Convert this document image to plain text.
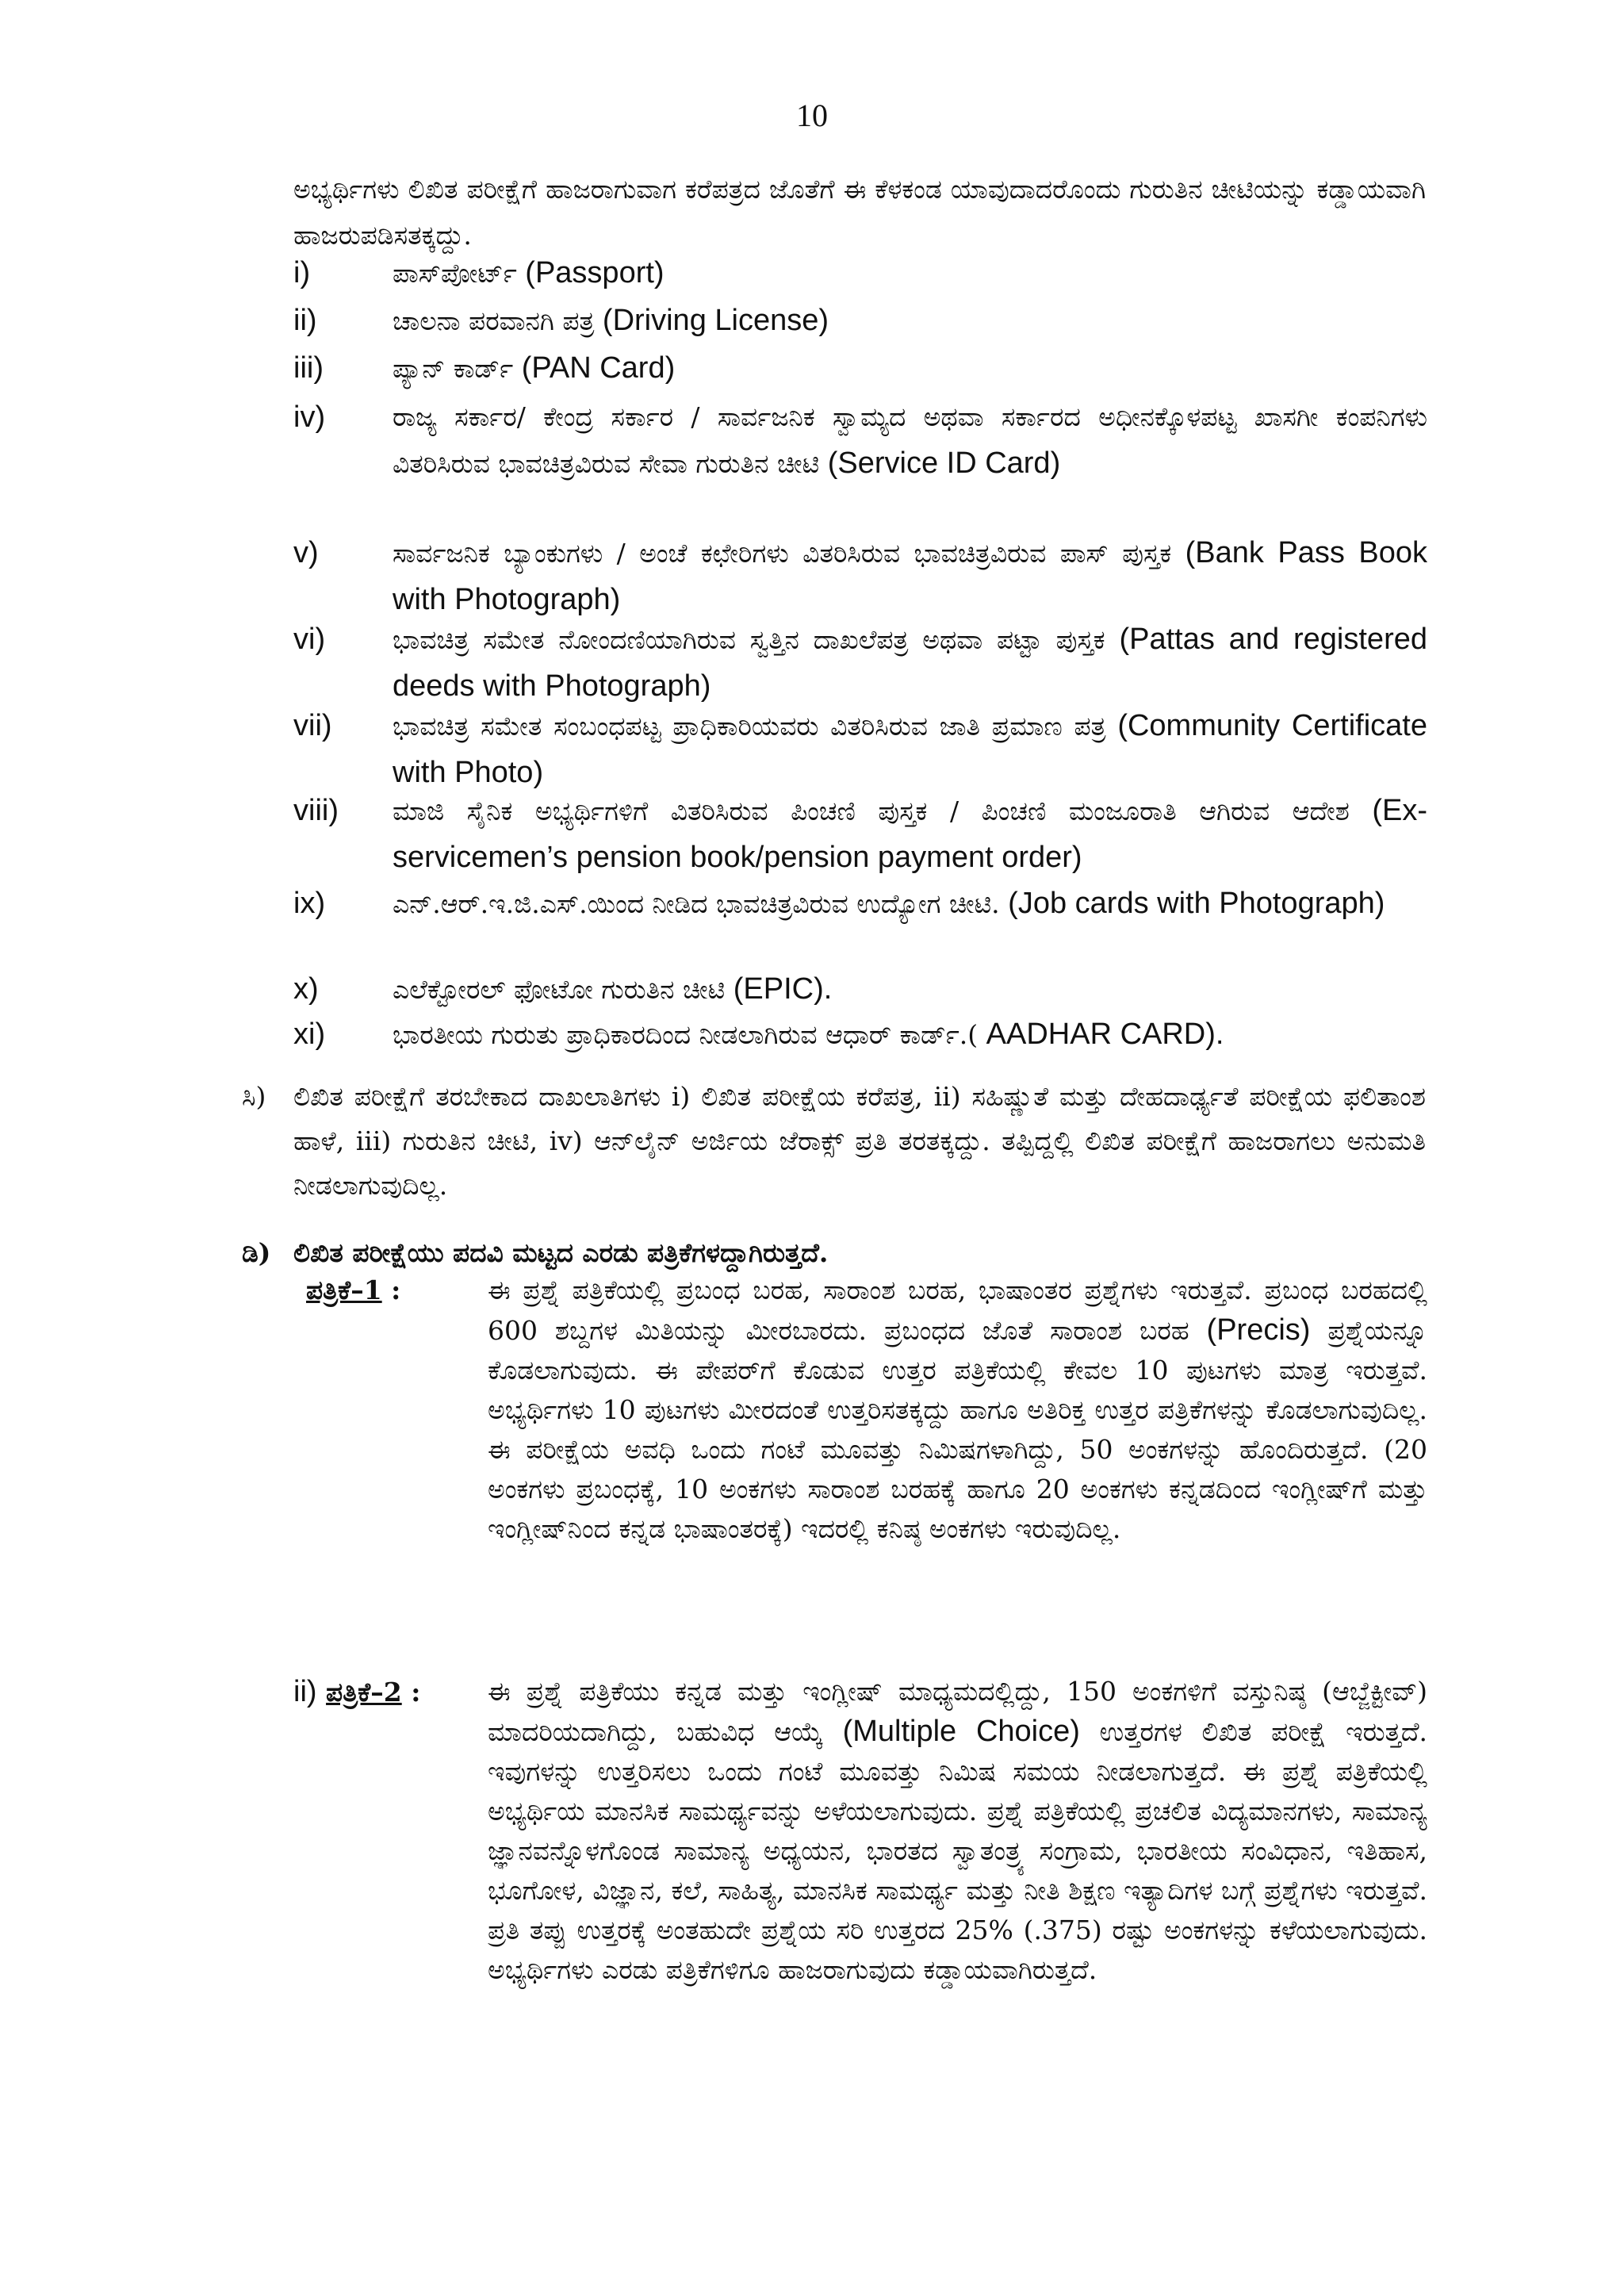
10
ಅಭ್ಯರ್ಥಿಗಳು ಲಿಖಿತ ಪರೀಕ್ಷೆಗೆ ಹಾಜರಾಗುವಾಗ ಕರೆಪತ್ರದ ಜೊತೆಗೆ ಈ ಕೆಳಕಂಡ ಯಾವುದಾದರೊಂದು ಗುರುತಿನ ಚೀಟಿಯನ್ನು ಕಡ್ಡಾಯವಾಗಿ ಹಾಜರುಪಡಿಸತಕ್ಕದ್ದು.
i)	ಪಾಸ್‌ಪೋರ್ಟ್ (Passport)
ii)	ಚಾಲನಾ ಪರವಾನಗಿ ಪತ್ರ (Driving License)
iii)	ಪ್ಯಾನ್ ಕಾರ್ಡ್ (PAN Card)
iv)	ರಾಜ್ಯ ಸರ್ಕಾರ/ ಕೇಂದ್ರ ಸರ್ಕಾರ / ಸಾರ್ವಜನಿಕ ಸ್ವಾಮ್ಯದ ಅಥವಾ ಸರ್ಕಾರದ ಅಧೀನಕ್ಕೊಳಪಟ್ಟ ಖಾಸಗೀ ಕಂಪನಿಗಳು ವಿತರಿಸಿರುವ ಭಾವಚಿತ್ರವಿರುವ ಸೇವಾ ಗುರುತಿನ ಚೀಟಿ (Service ID Card)
v)	ಸಾರ್ವಜನಿಕ ಬ್ಯಾಂಕುಗಳು / ಅಂಚೆ ಕಛೇರಿಗಳು ವಿತರಿಸಿರುವ ಭಾವಚಿತ್ರವಿರುವ ಪಾಸ್ ಪುಸ್ತಕ (Bank Pass Book with Photograph)
vi)	ಭಾವಚಿತ್ರ ಸಮೇತ ನೋಂದಣಿಯಾಗಿರುವ ಸ್ವತ್ತಿನ ದಾಖಲೆಪತ್ರ ಅಥವಾ ಪಟ್ಟಾ ಪುಸ್ತಕ (Pattas and registered deeds with Photograph)
vii) ಭಾವಚಿತ್ರ ಸಮೇತ ಸಂಬಂಧಪಟ್ಟ ಪ್ರಾಧಿಕಾರಿಯವರು ವಿತರಿಸಿರುವ ಜಾತಿ ಪ್ರಮಾಣ ಪತ್ರ (Community Certificate with Photo)
viii) ಮಾಜಿ ಸೈನಿಕ ಅಭ್ಯರ್ಥಿಗಳಿಗೆ ವಿತರಿಸಿರುವ ಪಿಂಚಣಿ ಪುಸ್ತಕ / ಪಿಂಚಣಿ ಮಂಜೂರಾತಿ ಆಗಿರುವ ಆದೇಶ (Ex-servicemen’s pension book/pension payment order)
ix)	ಎನ್.ಆರ್.ಇ.ಜಿ.ಎಸ್.ಯಿಂದ ನೀಡಿದ ಭಾವಚಿತ್ರವಿರುವ ಉದ್ಯೋಗ ಚೀಟಿ. (Job cards with Photograph)
x)	ಎಲೆಕ್ಟೋರಲ್ ಫೋಟೋ ಗುರುತಿನ ಚೀಟಿ (EPIC).
xi)	ಭಾರತೀಯ ಗುರುತು ಪ್ರಾಧಿಕಾರದಿಂದ ನೀಡಲಾಗಿರುವ ಆಧಾರ್ ಕಾರ್ಡ್.( AADHAR CARD).
ಸಿ) ಲಿಖಿತ ಪರೀಕ್ಷೆಗೆ ತರಬೇಕಾದ ದಾಖಲಾತಿಗಳು i) ಲಿಖಿತ ಪರೀಕ್ಷೆಯ ಕರೆಪತ್ರ, ii) ಸಹಿಷ್ಣುತೆ ಮತ್ತು ದೇಹದಾರ್ಢ್ಯತೆ ಪರೀಕ್ಷೆಯ ಫಲಿತಾಂಶ ಹಾಳೆ, iii) ಗುರುತಿನ ಚೀಟಿ, iv) ಆನ್‌ಲೈನ್ ಅರ್ಜಿಯ ಜೆರಾಕ್ಸ್ ಪ್ರತಿ ತರತಕ್ಕದ್ದು. ತಪ್ಪಿದ್ದಲ್ಲಿ ಲಿಖಿತ ಪರೀಕ್ಷೆಗೆ ಹಾಜರಾಗಲು ಅನುಮತಿ ನೀಡಲಾಗುವುದಿಲ್ಲ.
ಡಿ) ಲಿಖಿತ ಪರೀಕ್ಷೆಯು ಪದವಿ ಮಟ್ಟದ ಎರಡು ಪತ್ರಿಕೆಗಳದ್ದಾಗಿರುತ್ತದೆ.
ಪತ್ರಿಕೆ–1 :	ಈ ಪ್ರಶ್ನೆ ಪತ್ರಿಕೆಯಲ್ಲಿ ಪ್ರಬಂಧ ಬರಹ, ಸಾರಾಂಶ ಬರಹ, ಭಾಷಾಂತರ ಪ್ರಶ್ನೆಗಳು ಇರುತ್ತವೆ. ಪ್ರಬಂಧ ಬರಹದಲ್ಲಿ 600 ಶಬ್ದಗಳ ಮಿತಿಯನ್ನು ಮೀರಬಾರದು. ಪ್ರಬಂಧದ ಜೊತೆ ಸಾರಾಂಶ ಬರಹ (Precis) ಪ್ರಶ್ನೆಯನ್ನೂ ಕೊಡಲಾಗುವುದು. ಈ ಪೇಪರ್‌ಗೆ ಕೊಡುವ ಉತ್ತರ ಪತ್ರಿಕೆಯಲ್ಲಿ ಕೇವಲ 10 ಪುಟಗಳು ಮಾತ್ರ ಇರುತ್ತವೆ. ಅಭ್ಯರ್ಥಿಗಳು 10 ಪುಟಗಳು ಮೀರದಂತೆ ಉತ್ತರಿಸತಕ್ಕದ್ದು ಹಾಗೂ ಅತಿರಿಕ್ತ ಉತ್ತರ ಪತ್ರಿಕೆಗಳನ್ನು ಕೊಡಲಾಗುವುದಿಲ್ಲ. ಈ ಪರೀಕ್ಷೆಯ ಅವಧಿ ಒಂದು ಗಂಟೆ ಮೂವತ್ತು ನಿಮಿಷಗಳಾಗಿದ್ದು, 50 ಅಂಕಗಳನ್ನು ಹೊಂದಿರುತ್ತದೆ. (20 ಅಂಕಗಳು ಪ್ರಬಂಧಕ್ಕೆ, 10 ಅಂಕಗಳು ಸಾರಾಂಶ ಬರಹಕ್ಕೆ ಹಾಗೂ 20 ಅಂಕಗಳು ಕನ್ನಡದಿಂದ ಇಂಗ್ಲೀಷ್‌ಗೆ ಮತ್ತು ಇಂಗ್ಲೀಷ್‌ನಿಂದ ಕನ್ನಡ ಭಾಷಾಂತರಕ್ಕೆ) ಇದರಲ್ಲಿ ಕನಿಷ್ಠ ಅಂಕಗಳು ಇರುವುದಿಲ್ಲ.
ii) ಪತ್ರಿಕೆ–2 :	ಈ ಪ್ರಶ್ನೆ ಪತ್ರಿಕೆಯು ಕನ್ನಡ ಮತ್ತು ಇಂಗ್ಲೀಷ್ ಮಾಧ್ಯಮದಲ್ಲಿದ್ದು, 150 ಅಂಕಗಳಿಗೆ ವಸ್ತುನಿಷ್ಠ (ಆಬ್ಜೆಕ್ಟೀವ್) ಮಾದರಿಯದಾಗಿದ್ದು, ಬಹುವಿಧ ಆಯ್ಕೆ (Multiple Choice) ಉತ್ತರಗಳ ಲಿಖಿತ ಪರೀಕ್ಷೆ ಇರುತ್ತದೆ. ಇವುಗಳನ್ನು ಉತ್ತರಿಸಲು ಒಂದು ಗಂಟೆ ಮೂವತ್ತು ನಿಮಿಷ ಸಮಯ ನೀಡಲಾಗುತ್ತದೆ. ಈ ಪ್ರಶ್ನೆ ಪತ್ರಿಕೆಯಲ್ಲಿ ಅಭ್ಯರ್ಥಿಯ ಮಾನಸಿಕ ಸಾಮರ್ಥ್ಯವನ್ನು ಅಳೆಯಲಾಗುವುದು. ಪ್ರಶ್ನೆ ಪತ್ರಿಕೆಯಲ್ಲಿ ಪ್ರಚಲಿತ ವಿದ್ಯಮಾನಗಳು, ಸಾಮಾನ್ಯ ಜ್ಞಾನವನ್ನೊಳಗೊಂಡ ಸಾಮಾನ್ಯ ಅಧ್ಯಯನ, ಭಾರತದ ಸ್ವಾತಂತ್ರ್ಯ ಸಂಗ್ರಾಮ, ಭಾರತೀಯ ಸಂವಿಧಾನ, ಇತಿಹಾಸ, ಭೂಗೋಳ, ವಿಜ್ಞಾನ, ಕಲೆ, ಸಾಹಿತ್ಯ, ಮಾನಸಿಕ ಸಾಮರ್ಥ್ಯ ಮತ್ತು ನೀತಿ ಶಿಕ್ಷಣ ಇತ್ಯಾದಿಗಳ ಬಗ್ಗೆ ಪ್ರಶ್ನೆಗಳು ಇರುತ್ತವೆ. ಪ್ರತಿ ತಪ್ಪು ಉತ್ತರಕ್ಕೆ ಅಂತಹುದೇ ಪ್ರಶ್ನೆಯ ಸರಿ ಉತ್ತರದ 25% (.375) ರಷ್ಟು ಅಂಕಗಳನ್ನು ಕಳೆಯಲಾಗುವುದು. ಅಭ್ಯರ್ಥಿಗಳು ಎರಡು ಪತ್ರಿಕೆಗಳಿಗೂ ಹಾಜರಾಗುವುದು ಕಡ್ಡಾಯವಾಗಿರುತ್ತದೆ.
